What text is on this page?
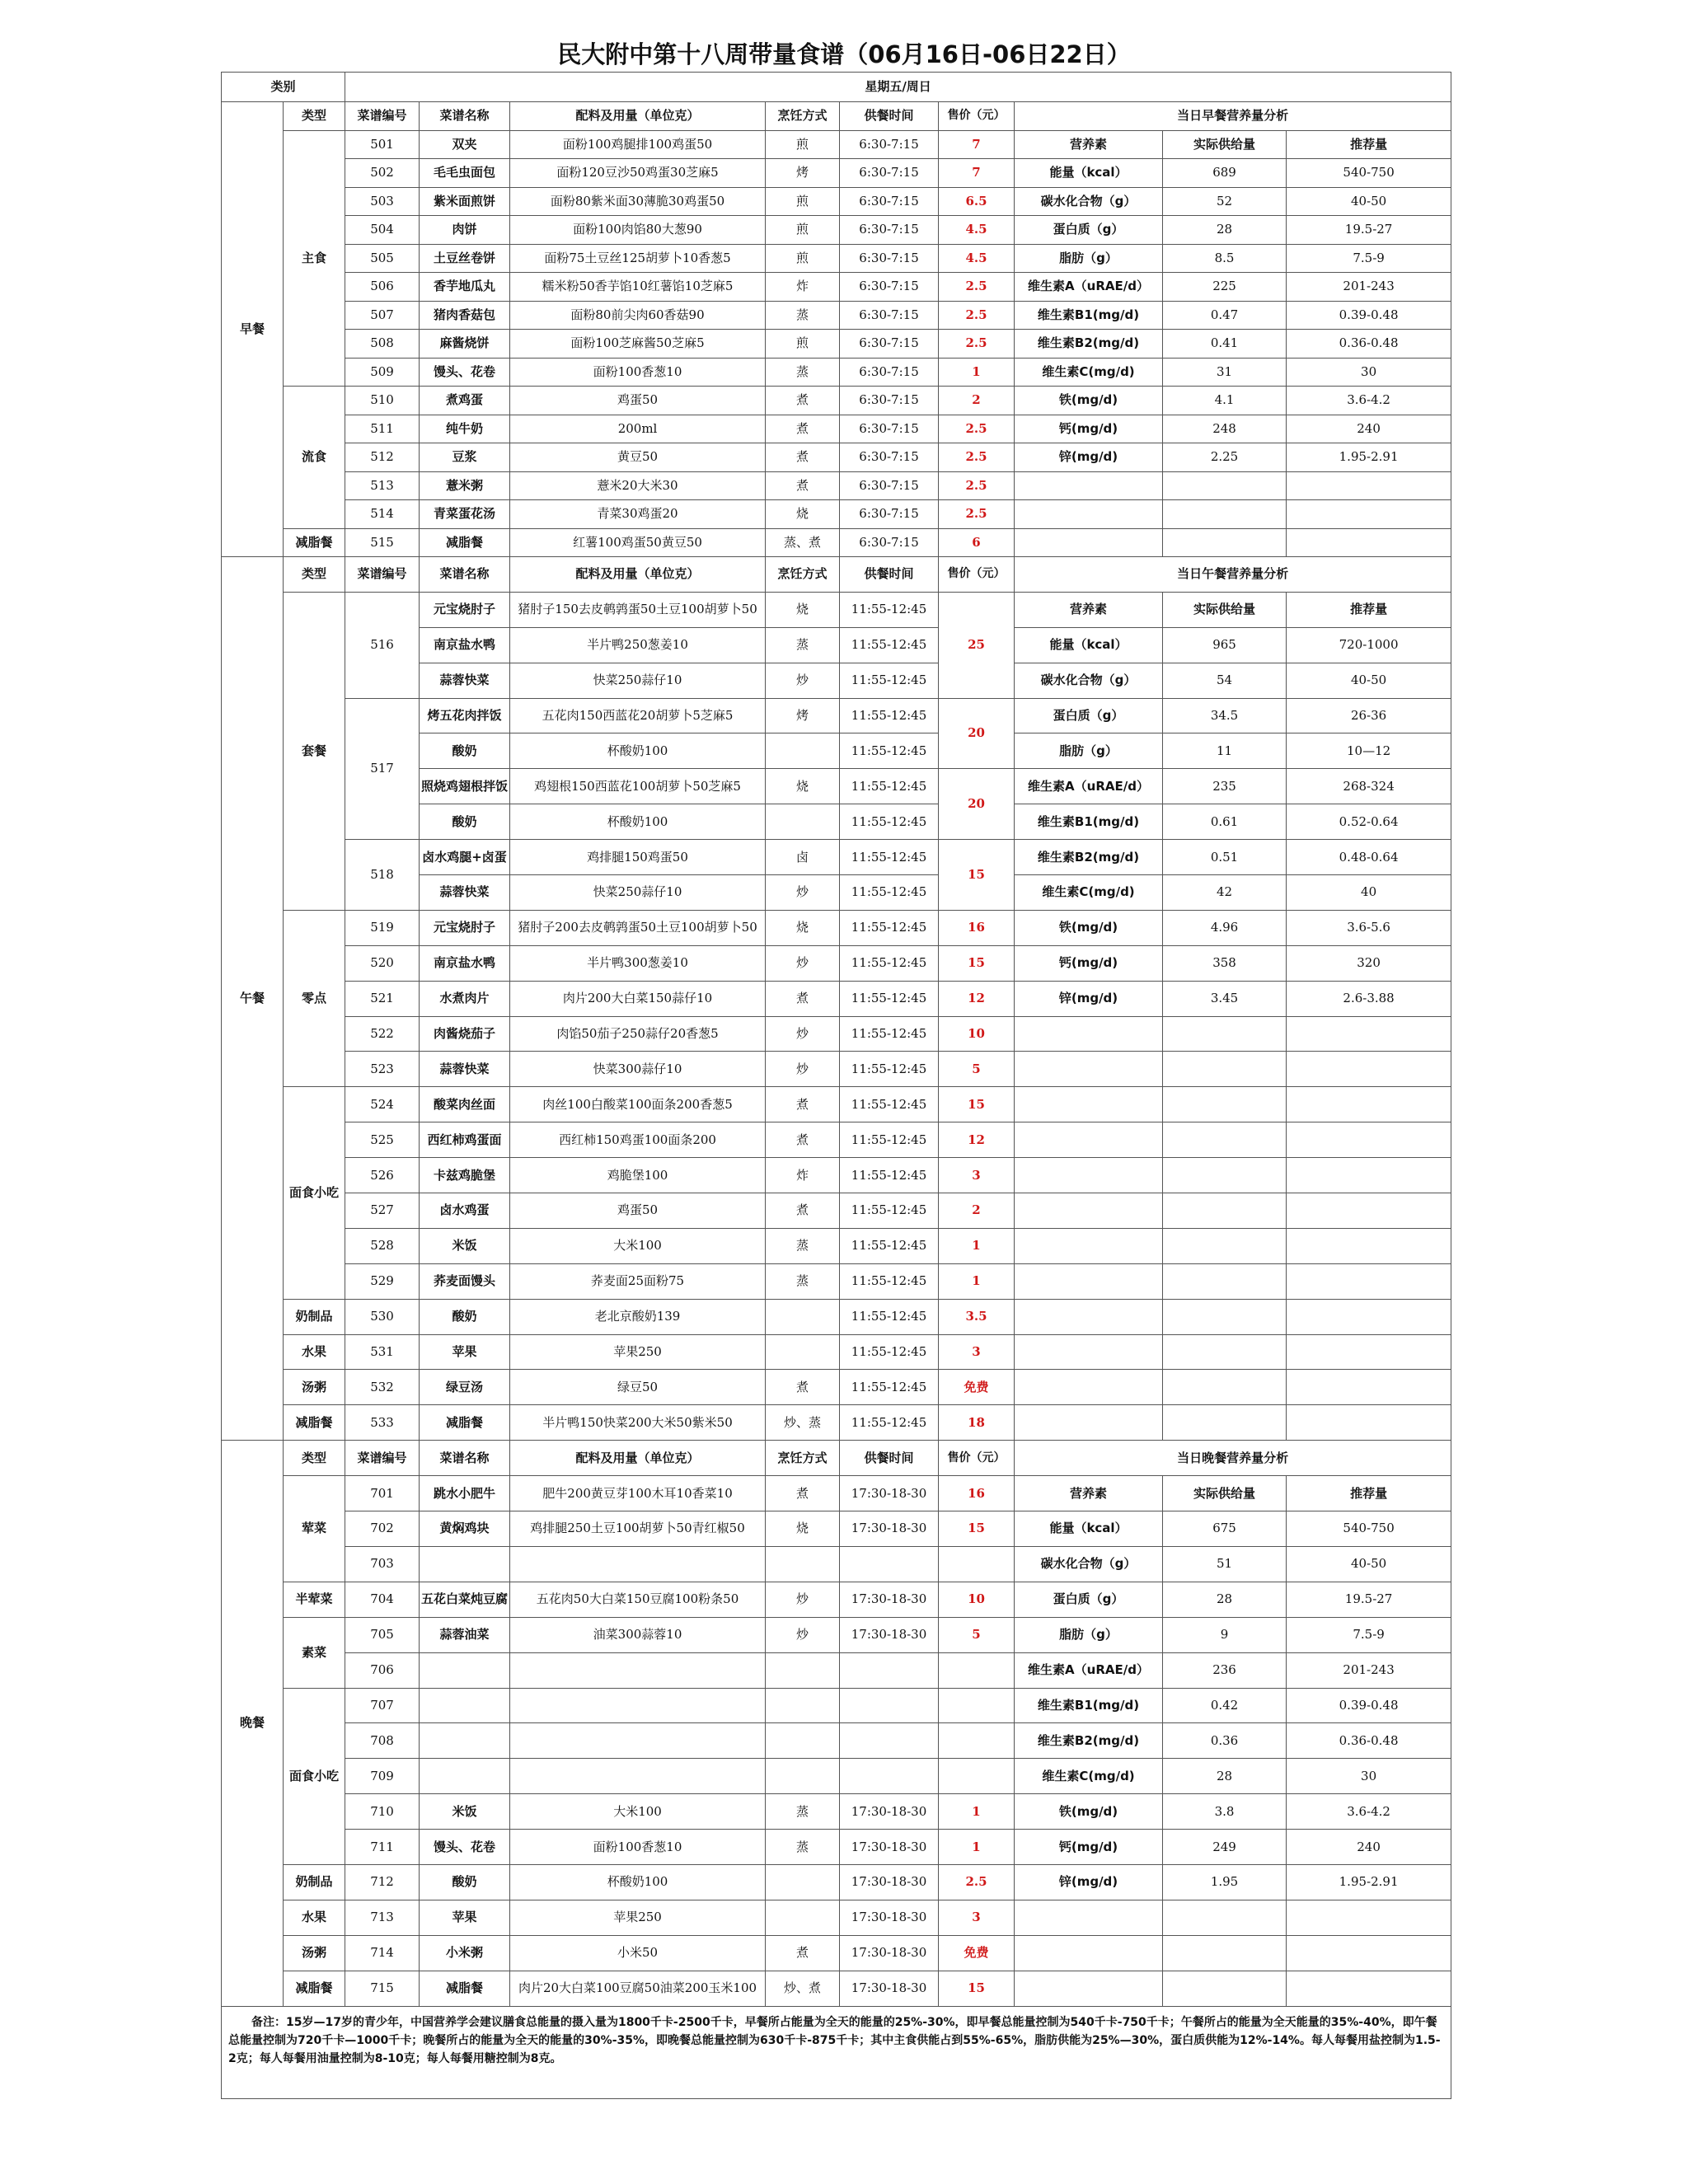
民大附中第十八周带量食谱（06月16日-06日22日）
类别		星期五/周日								
早餐	类型	菜谱编号	菜谱名称	配料及用量（单位克）	烹饪方式	供餐时间	售价（元）	当日早餐营养量分析		
	主食	501	双夹	面粉100鸡腿排100鸡蛋50	煎	6:30-7:15	7	营养素	实际供给量	推荐量
		502	毛毛虫面包	面粉120豆沙50鸡蛋30芝麻5	烤	6:30-7:15	7	能量（kcal）	689	540-750
		503	紫米面煎饼	面粉80紫米面30薄脆30鸡蛋50	煎	6:30-7:15	6.5	碳水化合物（g）	52	40-50
		504	肉饼	面粉100肉馅80大葱90	煎	6:30-7:15	4.5	蛋白质（g）	28	19.5-27
		505	土豆丝卷饼	面粉75土豆丝125胡萝卜10香葱5	煎	6:30-7:15	4.5	脂肪（g）	8.5	7.5-9
		506	香芋地瓜丸	糯米粉50香芋馅10红薯馅10芝麻5	炸	6:30-7:15	2.5	维生素A（uRAE/d）	225	201-243
		507	猪肉香菇包	面粉80前尖肉60香菇90	蒸	6:30-7:15	2.5	维生素B1(mg/d)	0.47	0.39-0.48
		508	麻酱烧饼	面粉100芝麻酱50芝麻5	煎	6:30-7:15	2.5	维生素B2(mg/d)	0.41	0.36-0.48
		509	馒头、花卷	面粉100香葱10	蒸	6:30-7:15	1	维生素C(mg/d)	31	30
	流食	510	煮鸡蛋	鸡蛋50	煮	6:30-7:15	2	铁(mg/d)	4.1	3.6-4.2
		511	纯牛奶	200ml	煮	6:30-7:15	2.5	钙(mg/d)	248	240
		512	豆浆	黄豆50	煮	6:30-7:15	2.5	锌(mg/d)	2.25	1.95-2.91
		513	薏米粥	薏米20大米30	煮	6:30-7:15	2.5			
		514	青菜蛋花汤	青菜30鸡蛋20	烧	6:30-7:15	2.5			
	减脂餐	515	减脂餐	红薯100鸡蛋50黄豆50	蒸、煮	6:30-7:15	6			
午餐	类型	菜谱编号	菜谱名称	配料及用量（单位克）	烹饪方式	供餐时间	售价（元）	当日午餐营养量分析		
	套餐	516	元宝烧肘子	猪肘子150去皮鹌鹑蛋50土豆100胡萝卜50	烧	11:55-12:45	25	营养素	实际供给量	推荐量
			南京盐水鸭	半片鸭250葱姜10	蒸	11:55-12:45		能量（kcal）	965	720-1000
			蒜蓉快菜	快菜250蒜仔10	炒	11:55-12:45		碳水化合物（g）	54	40-50
		517	烤五花肉拌饭	五花肉150西蓝花20胡萝卜5芝麻5	烤	11:55-12:45	20	蛋白质（g）	34.5	26-36
			酸奶	杯酸奶100		11:55-12:45		脂肪（g）	11	10—12
			照烧鸡翅根拌饭	鸡翅根150西蓝花100胡萝卜50芝麻5	烧	11:55-12:45	20	维生素A（uRAE/d）	235	268-324
			酸奶	杯酸奶100		11:55-12:45		维生素B1(mg/d)	0.61	0.52-0.64
		518	卤水鸡腿+卤蛋	鸡排腿150鸡蛋50	卤	11:55-12:45	15	维生素B2(mg/d)	0.51	0.48-0.64
			蒜蓉快菜	快菜250蒜仔10	炒	11:55-12:45		维生素C(mg/d)	42	40
	零点	519	元宝烧肘子	猪肘子200去皮鹌鹑蛋50土豆100胡萝卜50	烧	11:55-12:45	16	铁(mg/d)	4.96	3.6-5.6
		520	南京盐水鸭	半片鸭300葱姜10	炒	11:55-12:45	15	钙(mg/d)	358	320
		521	水煮肉片	肉片200大白菜150蒜仔10	煮	11:55-12:45	12	锌(mg/d)	3.45	2.6-3.88
		522	肉酱烧茄子	肉馅50茄子250蒜仔20香葱5	炒	11:55-12:45	10			
		523	蒜蓉快菜	快菜300蒜仔10	炒	11:55-12:45	5			
	面食小吃	524	酸菜肉丝面	肉丝100白酸菜100面条200香葱5	煮	11:55-12:45	15			
		525	西红柿鸡蛋面	西红柿150鸡蛋100面条200	煮	11:55-12:45	12			
		526	卡兹鸡脆堡	鸡脆堡100	炸	11:55-12:45	3			
		527	卤水鸡蛋	鸡蛋50	煮	11:55-12:45	2			
		528	米饭	大米100	蒸	11:55-12:45	1			
		529	荞麦面馒头	荞麦面25面粉75	蒸	11:55-12:45	1			
	奶制品	530	酸奶	老北京酸奶139		11:55-12:45	3.5			
	水果	531	苹果	苹果250		11:55-12:45	3			
	汤粥	532	绿豆汤	绿豆50	煮	11:55-12:45	免费			
	减脂餐	533	减脂餐	半片鸭150快菜200大米50紫米50	炒、蒸	11:55-12:45	18			
晚餐	类型	菜谱编号	菜谱名称	配料及用量（单位克）	烹饪方式	供餐时间	售价（元）	当日晚餐营养量分析		
	荤菜	701	跳水小肥牛	肥牛200黄豆芽100木耳10香菜10	煮	17:30-18-30	16	营养素	实际供给量	推荐量
		702	黄焖鸡块	鸡排腿250土豆100胡萝卜50青红椒50	烧	17:30-18-30	15	能量（kcal）	675	540-750
		703						碳水化合物（g）	51	40-50
	半荤菜	704	五花白菜炖豆腐	五花肉50大白菜150豆腐100粉条50	炒	17:30-18-30	10	蛋白质（g）	28	19.5-27
	素菜	705	蒜蓉油菜	油菜300蒜蓉10	炒	17:30-18-30	5	脂肪（g）	9	7.5-9
		706						维生素A（uRAE/d）	236	201-243
	面食小吃	707						维生素B1(mg/d)	0.42	0.39-0.48
		708						维生素B2(mg/d)	0.36	0.36-0.48
		709						维生素C(mg/d)	28	30
		710	米饭	大米100	蒸	17:30-18-30	1	铁(mg/d)	3.8	3.6-4.2
		711	馒头、花卷	面粉100香葱10	蒸	17:30-18-30	1	钙(mg/d)	249	240
	奶制品	712	酸奶	杯酸奶100		17:30-18-30	2.5	锌(mg/d)	1.95	1.95-2.91
	水果	713	苹果	苹果250		17:30-18-30	3			
	汤粥	714	小米粥	小米50	煮	17:30-18-30	免费			
	减脂餐	715	减脂餐	肉片20大白菜100豆腐50油菜200玉米100	炒、煮	17:30-18-30	15			

备注：15岁—17岁的青少年，中国营养学会建议膳食总能量的摄入量为1800千卡-2500千卡，早餐所占能量为全天的能量的25%-30%，即早餐总能量控制为540千卡-750千卡；午餐所占的能量为全天能量的35%-40%，即午餐总能量控制为720千卡—1000千卡；晚餐所占的能量为全天的能量的30%-35%，即晚餐总能量控制为630千卡-875千卡；其中主食供能占到55%-65%，脂肪供能为25%—30%，蛋白质供能为12%-14%。每人每餐用盐控制为1.5-2克；每人每餐用油量控制为8-10克；每人每餐用糖控制为8克。										
